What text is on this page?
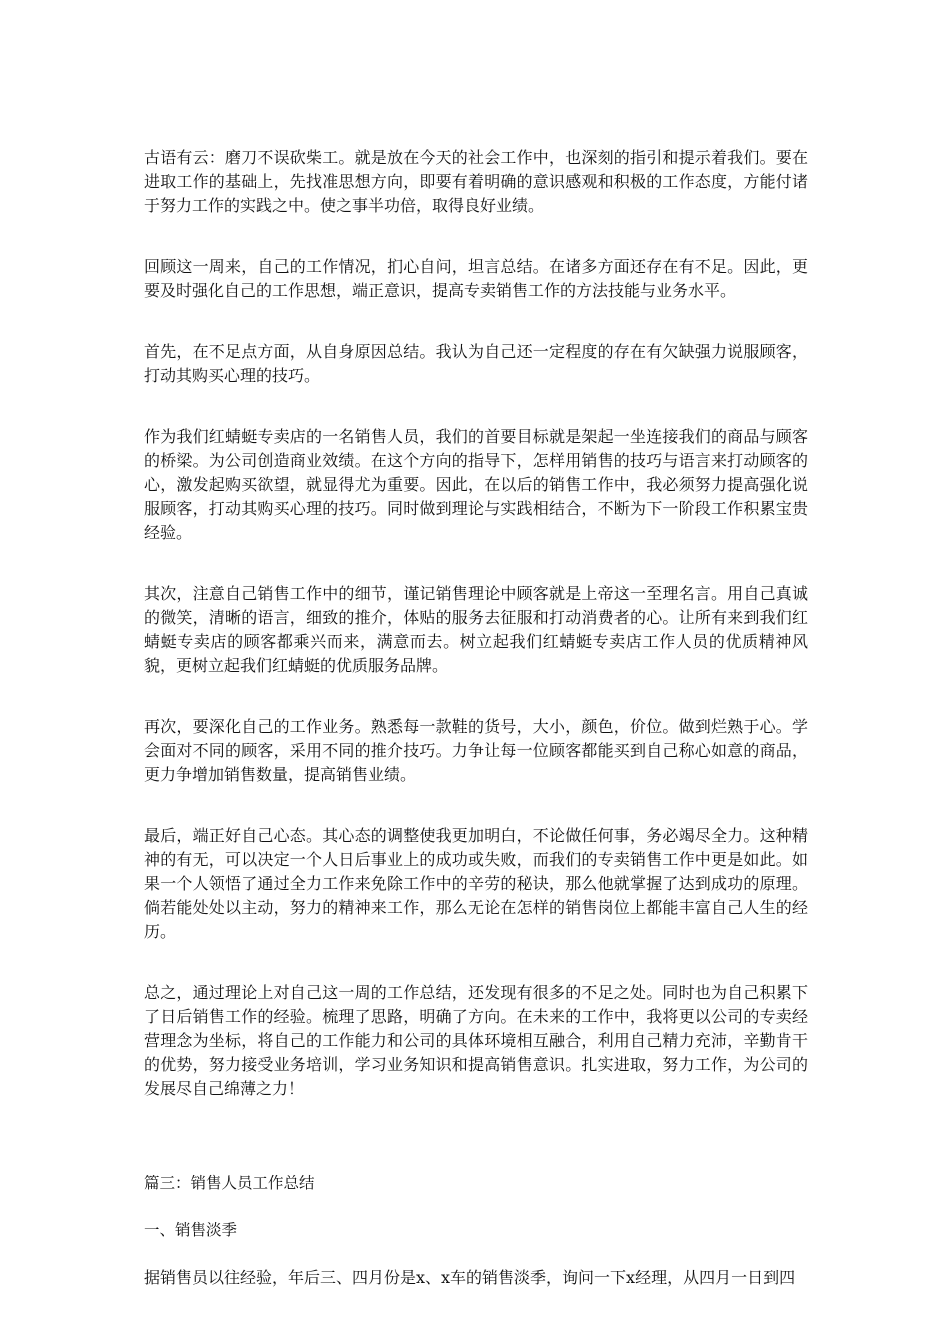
古语有云：磨刀不误砍柴工。就是放在今天的社会工作中，也深刻的指引和提示着我们。要在进取工作的基础上，先找准思想方向，即要有着明确的意识感观和积极的工作态度，方能付诸于努力工作的实践之中。使之事半功倍，取得良好业绩。

回顾这一周来，自己的工作情况，扪心自问，坦言总结。在诸多方面还存在有不足。因此，更要及时强化自己的工作思想，端正意识，提高专卖销售工作的方法技能与业务水平。

首先，在不足点方面，从自身原因总结。我认为自己还一定程度的存在有欠缺强力说服顾客，打动其购买心理的技巧。

作为我们红蜻蜓专卖店的一名销售人员，我们的首要目标就是架起一坐连接我们的商品与顾客的桥梁。为公司创造商业效绩。在这个方向的指导下，怎样用销售的技巧与语言来打动顾客的心，激发起购买欲望，就显得尤为重要。因此，在以后的销售工作中，我必须努力提高强化说服顾客，打动其购买心理的技巧。同时做到理论与实践相结合，不断为下一阶段工作积累宝贵经验。

其次，注意自己销售工作中的细节，谨记销售理论中顾客就是上帝这一至理名言。用自己真诚的微笑，清晰的语言，细致的推介，体贴的服务去征服和打动消费者的心。让所有来到我们红蜻蜓专卖店的顾客都乘兴而来，满意而去。树立起我们红蜻蜓专卖店工作人员的优质精神风貌，更树立起我们红蜻蜓的优质服务品牌。

再次，要深化自己的工作业务。熟悉每一款鞋的货号，大小，颜色，价位。做到烂熟于心。学会面对不同的顾客，采用不同的推介技巧。力争让每一位顾客都能买到自己称心如意的商品，更力争增加销售数量，提高销售业绩。

最后，端正好自己心态。其心态的调整使我更加明白，不论做任何事，务必竭尽全力。这种精神的有无，可以决定一个人日后事业上的成功或失败，而我们的专卖销售工作中更是如此。如果一个人领悟了通过全力工作来免除工作中的辛劳的秘诀，那么他就掌握了达到成功的原理。倘若能处处以主动，努力的精神来工作，那么无论在怎样的销售岗位上都能丰富自己人生的经历。

总之，通过理论上对自己这一周的工作总结，还发现有很多的不足之处。同时也为自己积累下了日后销售工作的经验。梳理了思路，明确了方向。在未来的工作中，我将更以公司的专卖经营理念为坐标，将自己的工作能力和公司的具体环境相互融合，利用自己精力充沛，辛勤肯干的优势，努力接受业务培训，学习业务知识和提高销售意识。扎实进取，努力工作，为公司的发展尽自己绵薄之力！

篇三：销售人员工作总结

一、销售淡季

据销售员以往经验，年后三、四月份是x、x车的销售淡季，询问一下x经理，从四月一日到四
